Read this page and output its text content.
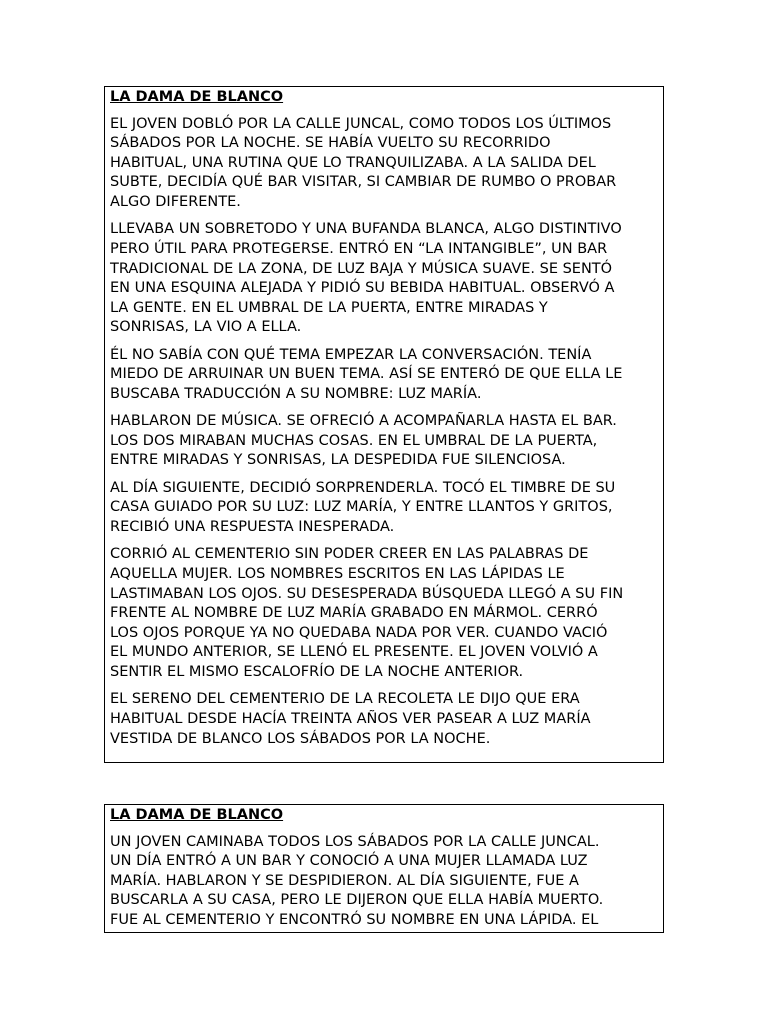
LA DAMA DE BLANCO

EL JOVEN DOBLÓ POR LA CALLE JUNCAL, COMO TODOS LOS ÚLTIMOS
SÁBADOS POR LA NOCHE. SE HABÍA VUELTO SU RECORRIDO
HABITUAL, UNA RUTINA QUE LO TRANQUILIZABA. A LA SALIDA DEL
SUBTE, DECIDÍA QUÉ BAR VISITAR, SI CAMBIAR DE RUMBO O PROBAR
ALGO DIFERENTE.

LLEVABA UN SOBRETODO Y UNA BUFANDA BLANCA, ALGO DISTINTIVO
PERO ÚTIL PARA PROTEGERSE. ENTRÓ EN “LA INTANGIBLE”, UN BAR
TRADICIONAL DE LA ZONA, DE LUZ BAJA Y MÚSICA SUAVE. SE SENTÓ
EN UNA ESQUINA ALEJADA Y PIDIÓ SU BEBIDA HABITUAL. OBSERVÓ A
LA GENTE. EN EL UMBRAL DE LA PUERTA, ENTRE MIRADAS Y
SONRISAS, LA VIO A ELLA.

ÉL NO SABÍA CON QUÉ TEMA EMPEZAR LA CONVERSACIÓN. TENÍA
MIEDO DE ARRUINAR UN BUEN TEMA. ASÍ SE ENTERÓ DE QUE ELLA LE
BUSCABA TRADUCCIÓN A SU NOMBRE: LUZ MARÍA.

HABLARON DE MÚSICA. SE OFRECIÓ A ACOMPAÑARLA HASTA EL BAR.
LOS DOS MIRABAN MUCHAS COSAS. EN EL UMBRAL DE LA PUERTA,
ENTRE MIRADAS Y SONRISAS, LA DESPEDIDA FUE SILENCIOSA.

AL DÍA SIGUIENTE, DECIDIÓ SORPRENDERLA. TOCÓ EL TIMBRE DE SU
CASA GUIADO POR SU LUZ: LUZ MARÍA, Y ENTRE LLANTOS Y GRITOS,
RECIBIÓ UNA RESPUESTA INESPERADA.

CORRIÓ AL CEMENTERIO SIN PODER CREER EN LAS PALABRAS DE
AQUELLA MUJER. LOS NOMBRES ESCRITOS EN LAS LÁPIDAS LE
LASTIMABAN LOS OJOS. SU DESESPERADA BÚSQUEDA LLEGÓ A SU FIN
FRENTE AL NOMBRE DE LUZ MARÍA GRABADO EN MÁRMOL. CERRÓ
LOS OJOS PORQUE YA NO QUEDABA NADA POR VER. CUANDO VACIÓ
EL MUNDO ANTERIOR, SE LLENÓ EL PRESENTE. EL JOVEN VOLVIÓ A
SENTIR EL MISMO ESCALOFRÍO DE LA NOCHE ANTERIOR.

EL SERENO DEL CEMENTERIO DE LA RECOLETA LE DIJO QUE ERA
HABITUAL DESDE HACÍA TREINTA AÑOS VER PASEAR A LUZ MARÍA
VESTIDA DE BLANCO LOS SÁBADOS POR LA NOCHE.

LA DAMA DE BLANCO

UN JOVEN CAMINABA TODOS LOS SÁBADOS POR LA CALLE JUNCAL.
UN DÍA ENTRÓ A UN BAR Y CONOCIÓ A UNA MUJER LLAMADA LUZ
MARÍA. HABLARON Y SE DESPIDIERON. AL DÍA SIGUIENTE, FUE A
BUSCARLA A SU CASA, PERO LE DIJERON QUE ELLA HABÍA MUERTO.
FUE AL CEMENTERIO Y ENCONTRÓ SU NOMBRE EN UNA LÁPIDA. EL
